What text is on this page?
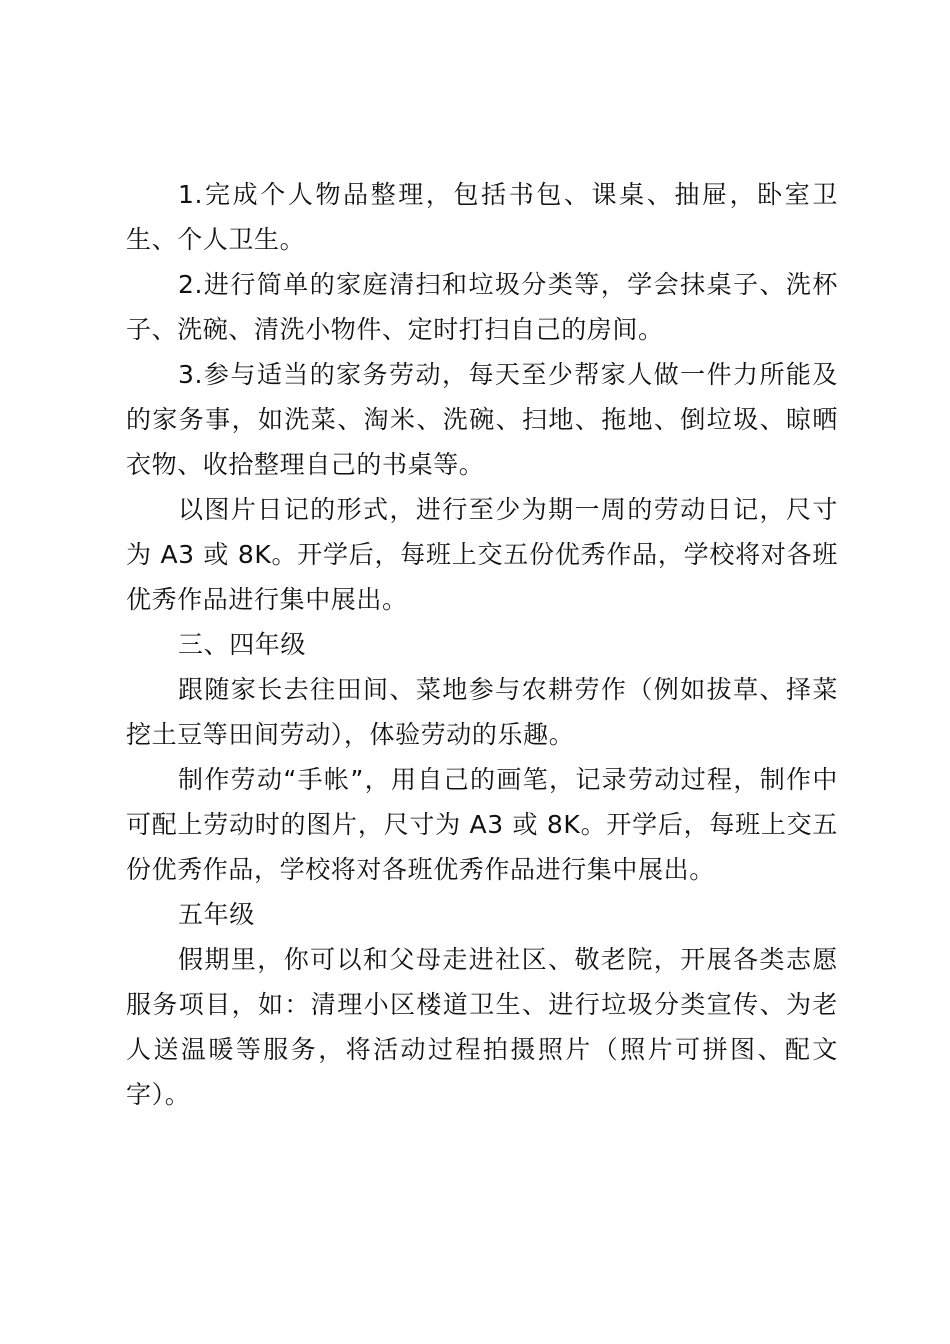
1.完成个人物品整理，包括书包、课桌、抽屉，卧室卫生、个人卫生。

2.进行简单的家庭清扫和垃圾分类等，学会抹桌子、洗杯子、洗碗、清洗小物件、定时打扫自己的房间。

3.参与适当的家务劳动，每天至少帮家人做一件力所能及的家务事，如洗菜、淘米、洗碗、扫地、拖地、倒垃圾、晾晒衣物、收拾整理自己的书桌等。

以图片日记的形式，进行至少为期一周的劳动日记，尺寸为 A3 或 8K。开学后，每班上交五份优秀作品，学校将对各班优秀作品进行集中展出。

三、四年级

跟随家长去往田间、菜地参与农耕劳作（例如拔草、择菜挖土豆等田间劳动），体验劳动的乐趣。

制作劳动“手帐”，用自己的画笔，记录劳动过程，制作中可配上劳动时的图片，尺寸为 A3 或 8K。开学后，每班上交五份优秀作品，学校将对各班优秀作品进行集中展出。

五年级

假期里，你可以和父母走进社区、敬老院，开展各类志愿服务项目，如：清理小区楼道卫生、进行垃圾分类宣传、为老人送温暖等服务，将活动过程拍摄照片（照片可拼图、配文字）。
